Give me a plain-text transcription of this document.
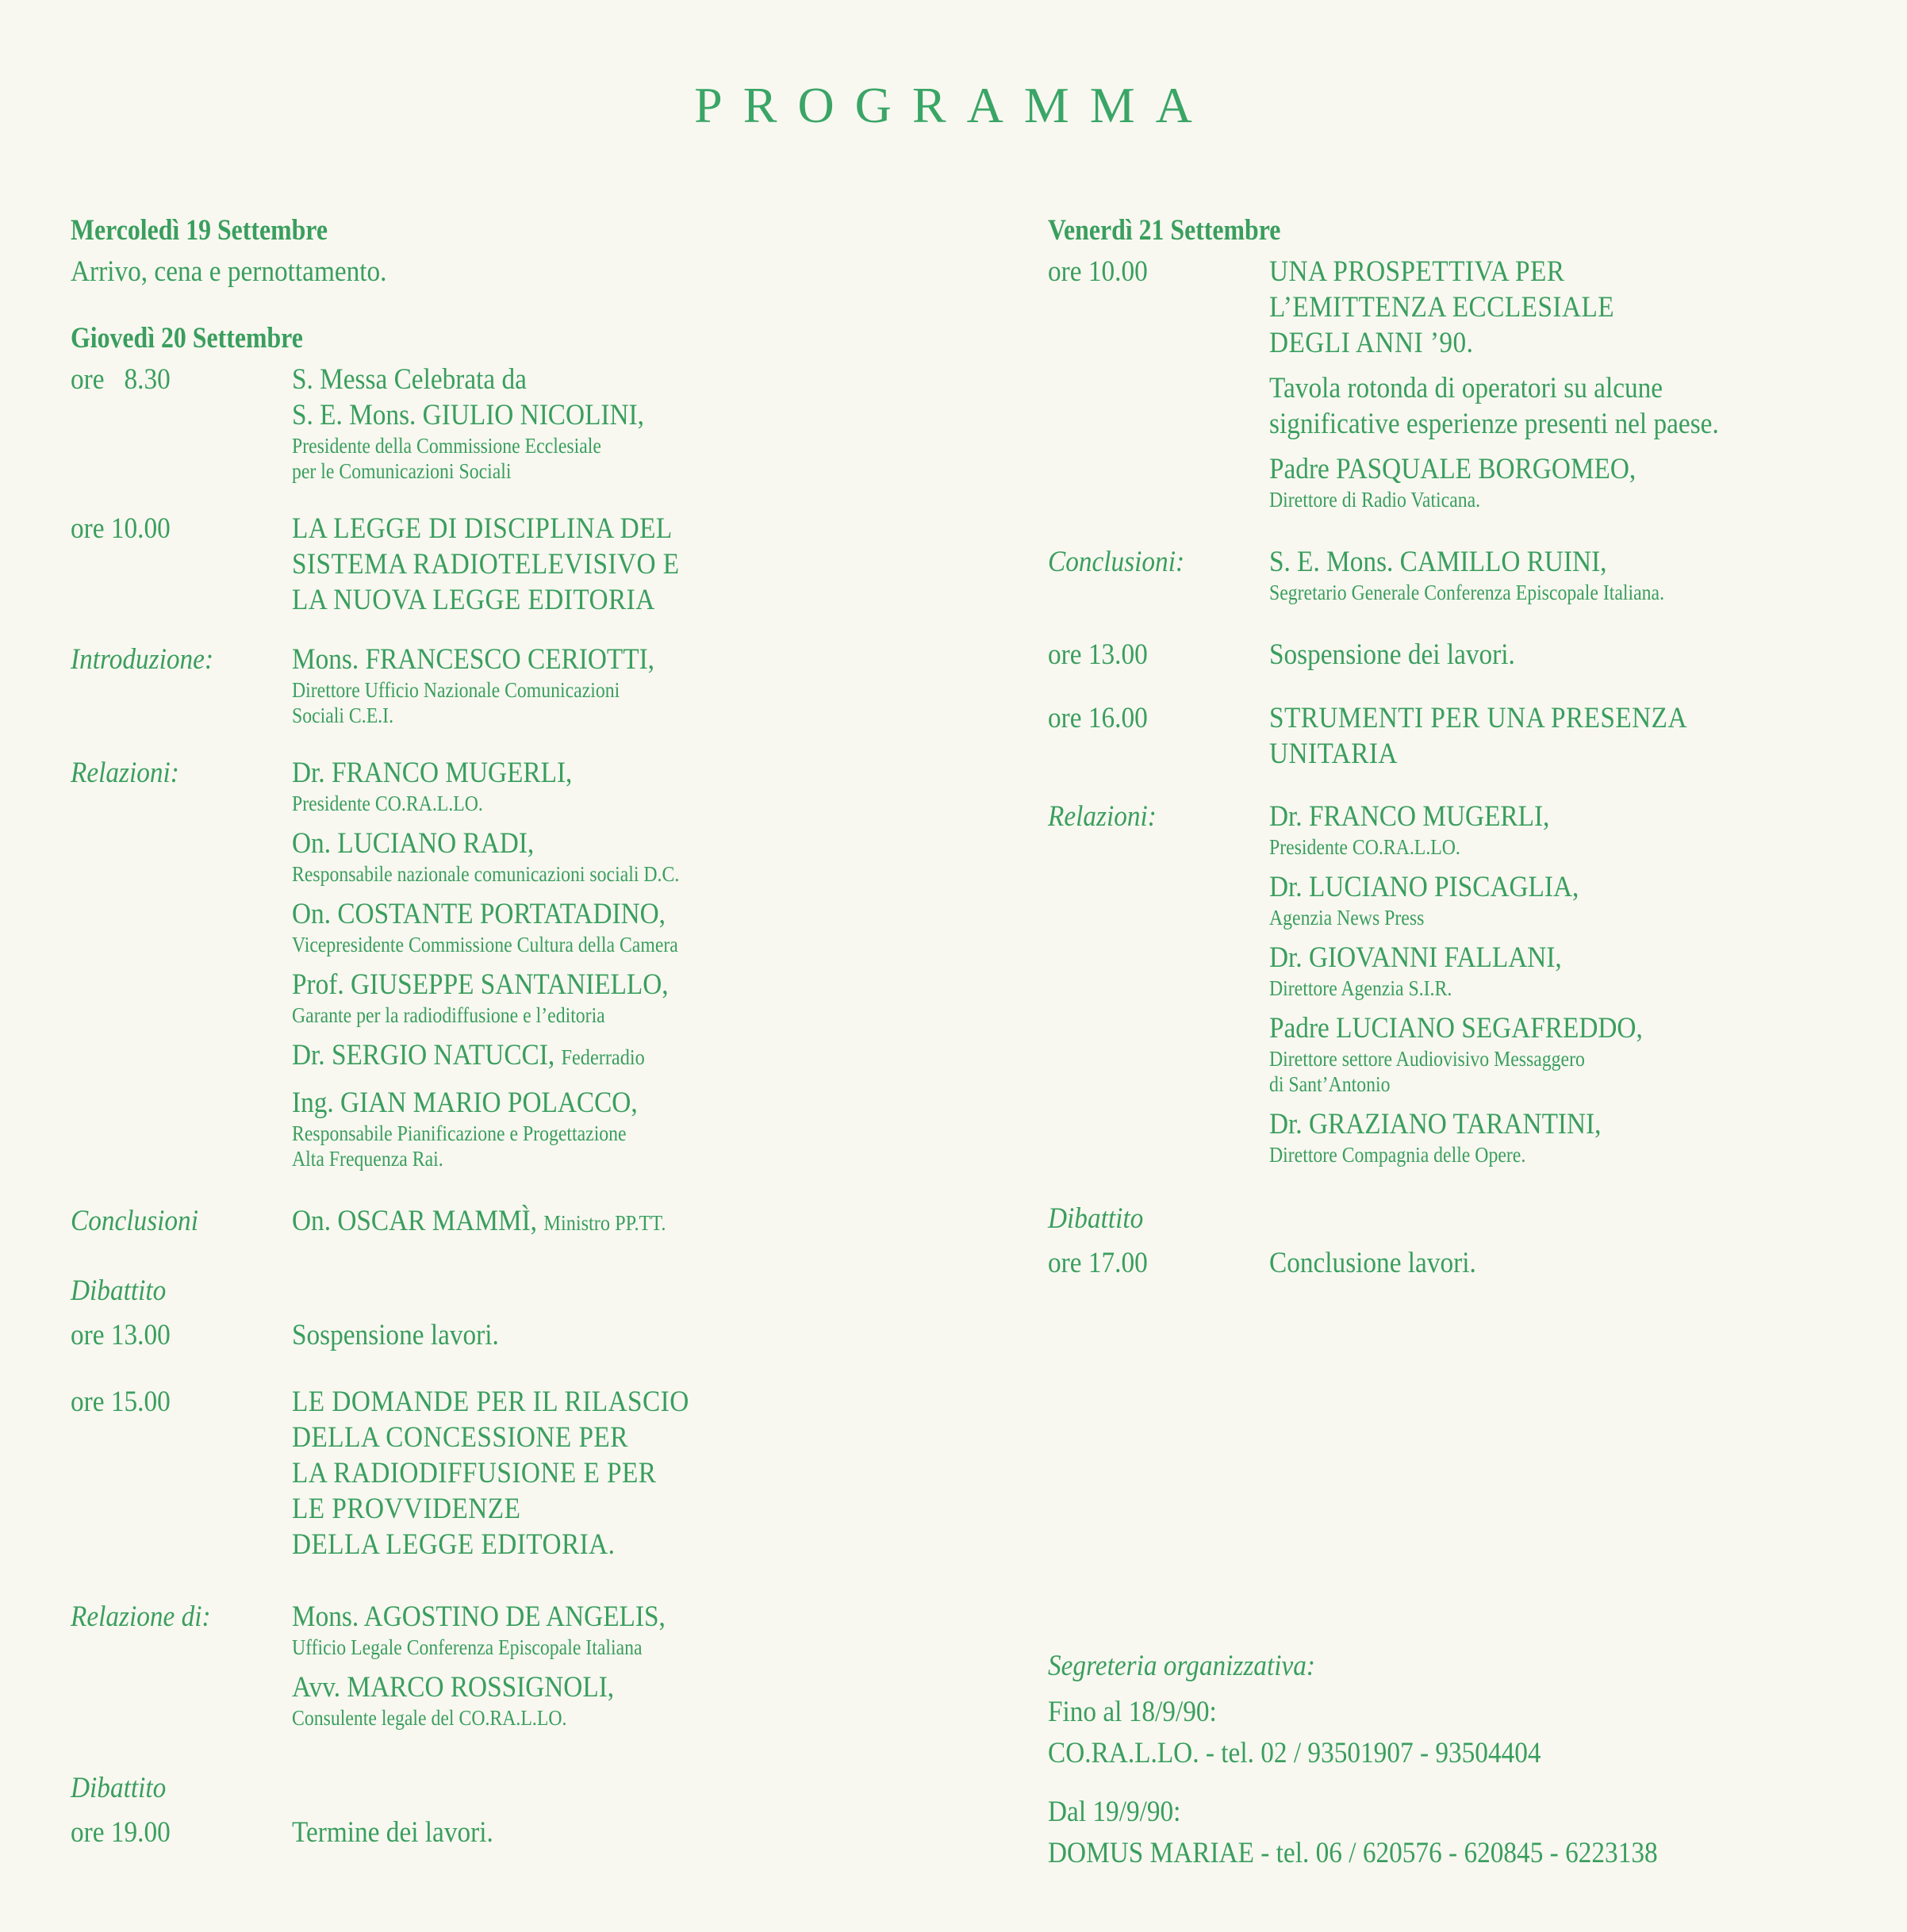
PROGRAMMA
Mercoledì 19 Settembre
Arrivo, cena e pernottamento.
Giovedì 20 Settembre
ore   8.30	S. Messa Celebrata da
S. E. Mons. GIULIO NICOLINI,
Presidente della Commissione Ecclesiale
per le Comunicazioni Sociali
ore 10.00	LA LEGGE DI DISCIPLINA DEL
SISTEMA RADIOTELEVISIVO E
LA NUOVA LEGGE EDITORIA
Introduzione:	Mons. FRANCESCO CERIOTTI,
Direttore Ufficio Nazionale Comunicazioni
Sociali C.E.I.
Relazioni:	Dr. FRANCO MUGERLI,
Presidente CO.RA.L.LO.
On. LUCIANO RADI,
Responsabile nazionale comunicazioni sociali D.C.
On. COSTANTE PORTATADINO,
Vicepresidente Commissione Cultura della Camera
Prof. GIUSEPPE SANTANIELLO,
Garante per la radiodiffusione e l’editoria
Dr. SERGIO NATUCCI, Federradio
Ing. GIAN MARIO POLACCO,
Responsabile Pianificazione e Progettazione
Alta Frequenza Rai.
Conclusioni	On. OSCAR MAMMÌ, Ministro PP.TT.
Dibattito
ore 13.00	Sospensione lavori.
ore 15.00	LE DOMANDE PER IL RILASCIO
DELLA CONCESSIONE PER
LA RADIODIFFUSIONE E PER
LE PROVVIDENZE
DELLA LEGGE EDITORIA.
Relazione di:	Mons. AGOSTINO DE ANGELIS,
Ufficio Legale Conferenza Episcopale Italiana
Avv. MARCO ROSSIGNOLI,
Consulente legale del CO.RA.L.LO.
Dibattito
ore 19.00	Termine dei lavori.
Venerdì 21 Settembre
ore 10.00	UNA PROSPETTIVA PER
L’EMITTENZA ECCLESIALE
DEGLI ANNI ’90.
Tavola rotonda di operatori su alcune
significative esperienze presenti nel paese.
Padre PASQUALE BORGOMEO,
Direttore di Radio Vaticana.
Conclusioni:	S. E. Mons. CAMILLO RUINI,
Segretario Generale Conferenza Episcopale Italiana.
ore 13.00	Sospensione dei lavori.
ore 16.00	STRUMENTI PER UNA PRESENZA
UNITARIA
Relazioni:	Dr. FRANCO MUGERLI,
Presidente CO.RA.L.LO.
Dr. LUCIANO PISCAGLIA,
Agenzia News Press
Dr. GIOVANNI FALLANI,
Direttore Agenzia S.I.R.
Padre LUCIANO SEGAFREDDO,
Direttore settore Audiovisivo Messaggero
di Sant’Antonio
Dr. GRAZIANO TARANTINI,
Direttore Compagnia delle Opere.
Dibattito
ore 17.00	Conclusione lavori.
Segreteria organizzativa:
Fino al 18/9/90:
CO.RA.L.LO. - tel. 02 / 93501907 - 93504404
Dal 19/9/90:
DOMUS MARIAE - tel. 06 / 620576 - 620845 - 6223138
